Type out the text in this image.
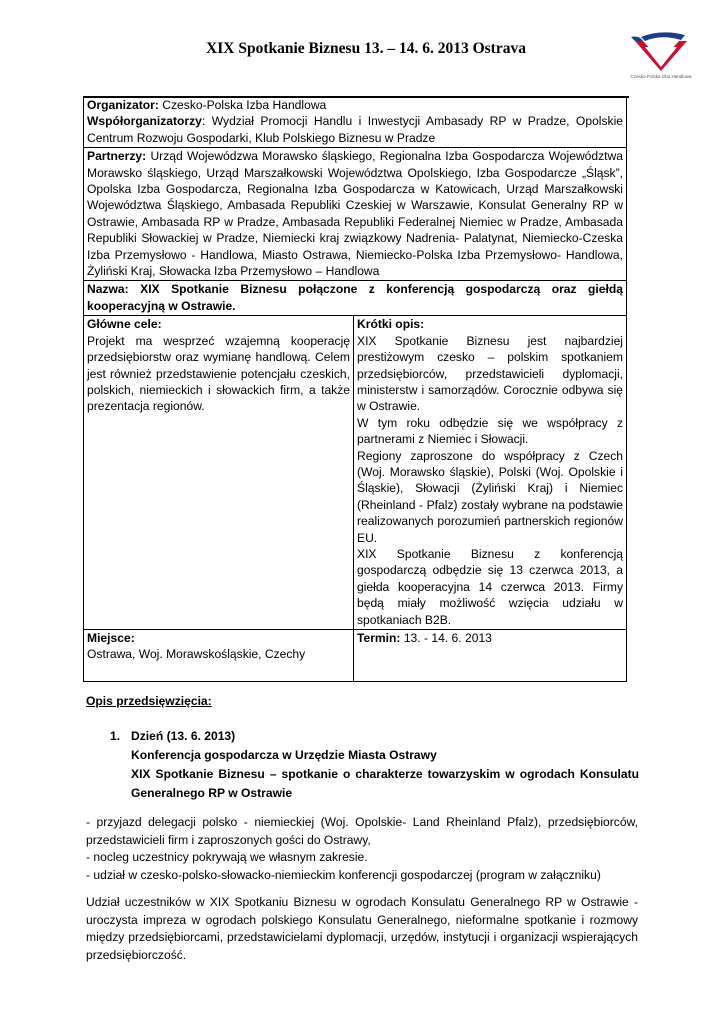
XIX Spotkanie Biznesu 13. – 14. 6. 2013 Ostrava
Czesko-Polska Izba Handlowa
Organizator: Czesko-Polska Izba Handlowa
Współorganizatorzy: Wydział Promocji Handlu i Inwestycji Ambasady RP w Pradze, Opolskie Centrum Rozwoju Gospodarki, Klub Polskiego Biznesu w Pradze
Partnerzy: Urząd Wojewódzwa Morawsko śląskiego, Regionalna Izba Gospodarcza Województwa Morawsko śląskiego, Urząd Marszałkowski Województwa Opolskiego, Izba Gospodarcze „Śląsk”, Opolska Izba Gospodarcza, Regionalna Izba Gospodarcza w Katowicach, Urząd Marszałkowski Województwa Śląskiego, Ambasada Republiki Czeskiej w Warszawie, Konsulat Generalny RP w Ostrawie, Ambasada RP w Pradze, Ambasada Republiki Federalnej Niemiec w Pradze, Ambasada Republiki Słowackiej w Pradze, Niemiecki kraj związkowy Nadrenia- Palatynat, Niemiecko-Czeska Izba Przemysłowo - Handlowa, Miasto Ostrawa, Niemiecko-Polska Izba Przemysłowo- Handlowa, Żyliński Kraj, Słowacka Izba Przemysłowo – Handlowa
Nazwa: XIX Spotkanie Biznesu połączone z konferencją gospodarczą oraz giełdą kooperacyjną w Ostrawie.
Główne cele:
Projekt ma wesprzeć wzajemną kooperację przedsiębiorstw oraz wymianę handlową. Celem jest również przedstawienie potencjału czeskich, polskich, niemieckich i słowackich firm, a także prezentacja regionów.
Krótki opis:
XIX Spotkanie Biznesu jest najbardziej prestiżowym czesko – polskim spotkaniem przedsiębiorców, przedstawicieli dyplomacji, ministerstw i samorządów. Corocznie odbywa się w Ostrawie.
W tym roku odbędzie się we współpracy z partnerami z Niemiec i Słowacji.
Regiony zaproszone do współpracy z Czech (Woj. Morawsko śląskie), Polski (Woj. Opolskie i Śląskie), Słowacji (Żyliński Kraj) i Niemiec (Rheinland - Pfalz) zostały wybrane na podstawie realizowanych porozumień partnerskich regionów EU.
XIX Spotkanie Biznesu z konferencją gospodarczą odbędzie się 13 czerwca 2013, a giełda kooperacyjna 14 czerwca 2013. Firmy będą miały możliwość wzięcia udziału w spotkaniach B2B.
Miejsce:
Ostrawa, Woj. Morawskośląskie, Czechy
Termin: 13. - 14. 6. 2013
Opis przedsięwzięcia:
1. Dzień (13. 6. 2013)
Konferencja gospodarcza w Urzędzie Miasta Ostrawy
XIX Spotkanie Biznesu – spotkanie o charakterze towarzyskim w ogrodach Konsulatu Generalnego RP w Ostrawie
- przyjazd delegacji polsko - niemieckiej (Woj. Opolskie- Land Rheinland Pfalz), przedsiębiorców, przedstawicieli firm i zaproszonych gości do Ostrawy,
- nocleg uczestnicy pokrywają we własnym zakresie.
- udział w czesko-polsko-słowacko-niemieckim konferencji gospodarczej (program w załączniku)
Udział uczestników w XIX Spotkaniu Biznesu w ogrodach Konsulatu Generalnego RP w Ostrawie - uroczysta impreza w ogrodach polskiego Konsulatu Generalnego, nieformalne spotkanie i rozmowy między przedsiębiorcami, przedstawicielami dyplomacji, urzędów, instytucji i organizacji wspierających przedsiębiorczość.
